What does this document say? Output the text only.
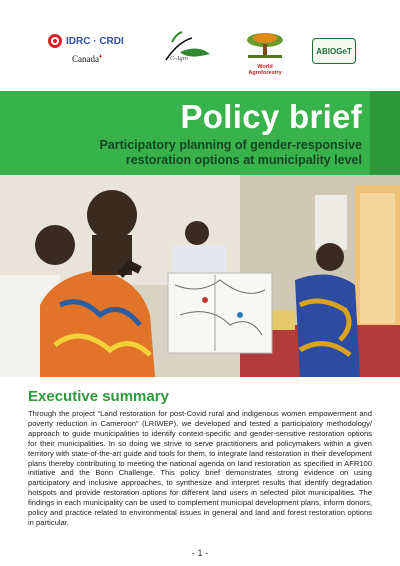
IDRC · CRDI
Canada♦	C-Agro
World Agroforestry
ABIOGeT
Policy brief
Participatory planning of gender-responsive restoration options at municipality level
Executive summary
Through the project “Land restoration for post-Covid rural and indigenous women empowerment and poverty reduction in Cameroon” (LRIWEP), we developed and tested a participatory methodology/ approach to guide municipalities to identify context-specific and gender-sensitive restoration options for their municipalities. In so doing we strive to serve practitioners and policymakers within a given territory with state-of-the-art guide and tools for them, to integrate land restoration in their development plans thereby contributing to meeting the national agenda on land restoration as specified in AFR100 initiative and the Bonn Challenge. This policy brief demonstrates strong evidence on using participatory and inclusive approaches, to synthesize and interpret results that identify degradation hotspots and provide restoration options for different land users in selected pilot municipalities. The findings in each municipality can be used to complement municipal development plans, inform donors, policy and practice related to environmental issues in general and land and forest restoration options in particular.
- 1 -
